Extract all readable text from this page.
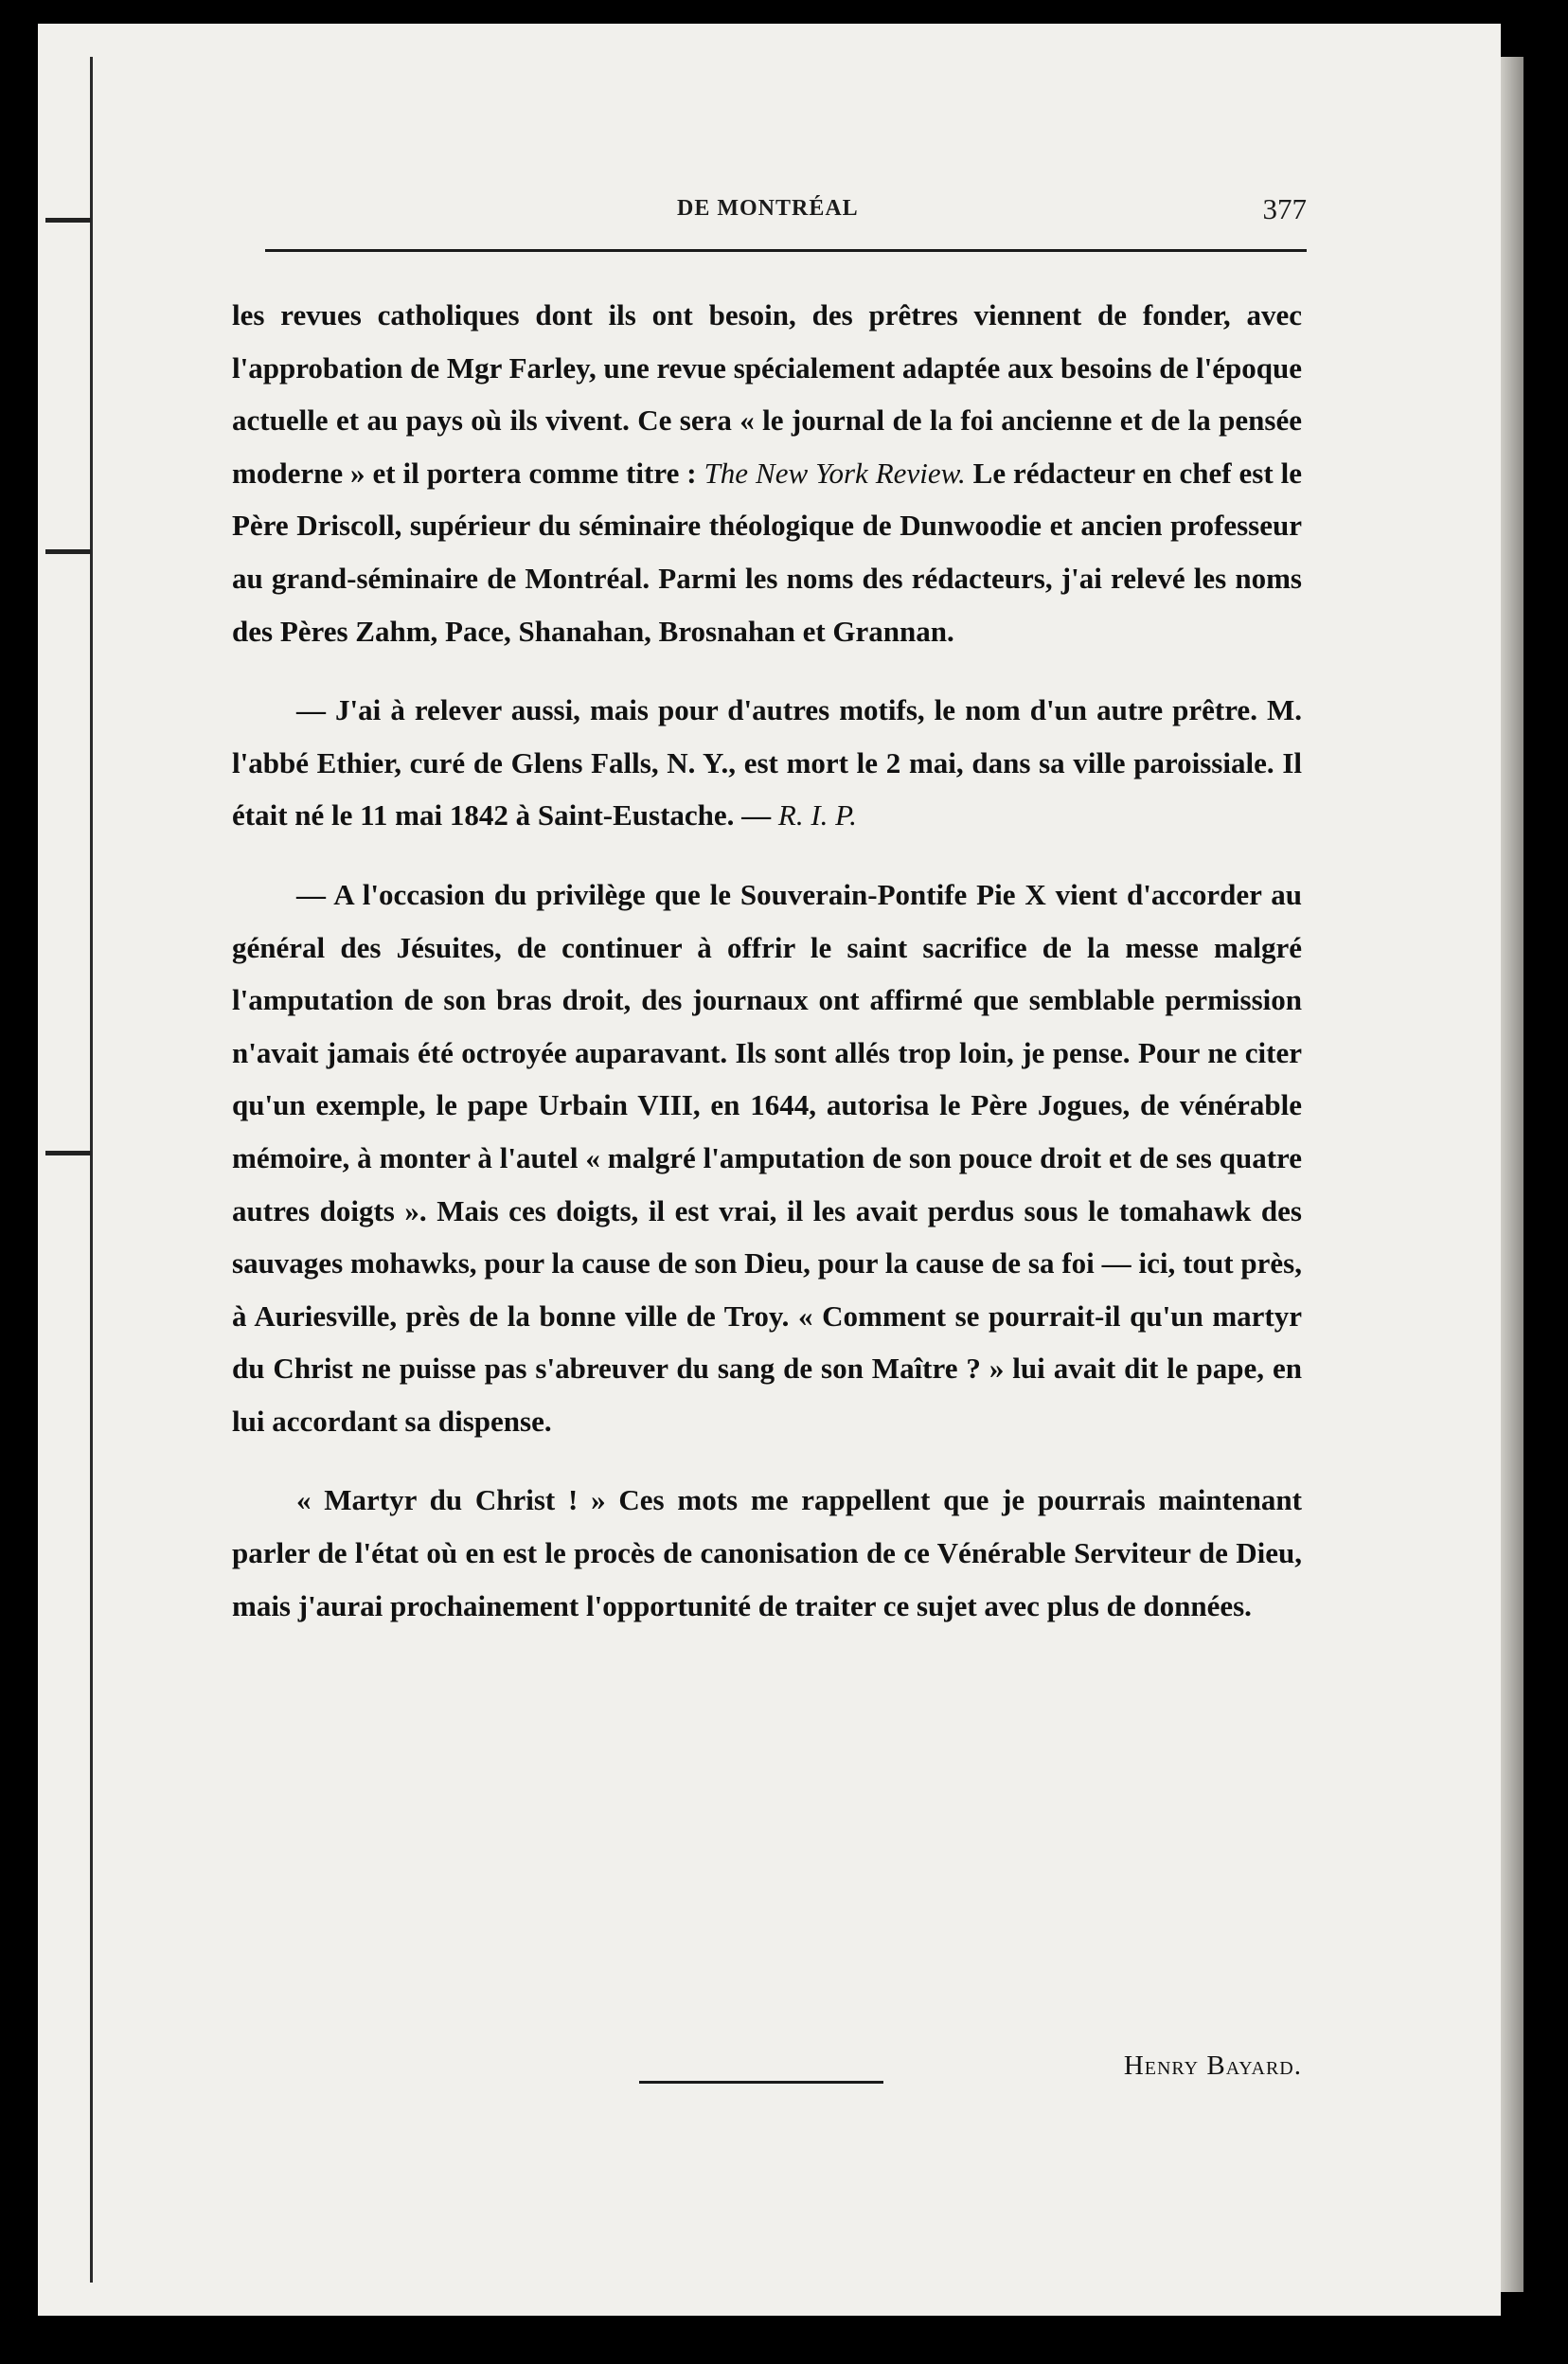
DE MONTRÉAL	377

les revues catholiques dont ils ont besoin, des prêtres viennent de fonder, avec l'approbation de Mgr Farley, une revue spécialement adaptée aux besoins de l'époque actuelle et au pays où ils vivent. Ce sera « le journal de la foi ancienne et de la pensée moderne » et il portera comme titre : The New York Review. Le rédacteur en chef est le Père Driscoll, supérieur du séminaire théologique de Dunwoodie et ancien professeur au grand-séminaire de Montréal. Parmi les noms des rédacteurs, j'ai relevé les noms des Pères Zahm, Pace, Shanahan, Brosnahan et Grannan.

— J'ai à relever aussi, mais pour d'autres motifs, le nom d'un autre prêtre. M. l'abbé Ethier, curé de Glens Falls, N. Y., est mort le 2 mai, dans sa ville paroissiale. Il était né le 11 mai 1842 à Saint-Eustache. — R. I. P.

— A l'occasion du privilège que le Souverain-Pontife Pie X vient d'accorder au général des Jésuites, de continuer à offrir le saint sacrifice de la messe malgré l'amputation de son bras droit, des journaux ont affirmé que semblable permission n'avait jamais été octroyée auparavant. Ils sont allés trop loin, je pense. Pour ne citer qu'un exemple, le pape Urbain VIII, en 1644, autorisa le Père Jogues, de vénérable mémoire, à monter à l'autel « malgré l'amputation de son pouce droit et de ses quatre autres doigts ». Mais ces doigts, il est vrai, il les avait perdus sous le tomahawk des sauvages mohawks, pour la cause de son Dieu, pour la cause de sa foi — ici, tout près, à Auriesville, près de la bonne ville de Troy. « Comment se pourrait-il qu'un martyr du Christ ne puisse pas s'abreuver du sang de son Maître ? » lui avait dit le pape, en lui accordant sa dispense.

« Martyr du Christ ! » Ces mots me rappellent que je pourrais maintenant parler de l'état où en est le procès de canonisation de ce Vénérable Serviteur de Dieu, mais j'aurai prochainement l'opportunité de traiter ce sujet avec plus de données.

Henry Bayard.
